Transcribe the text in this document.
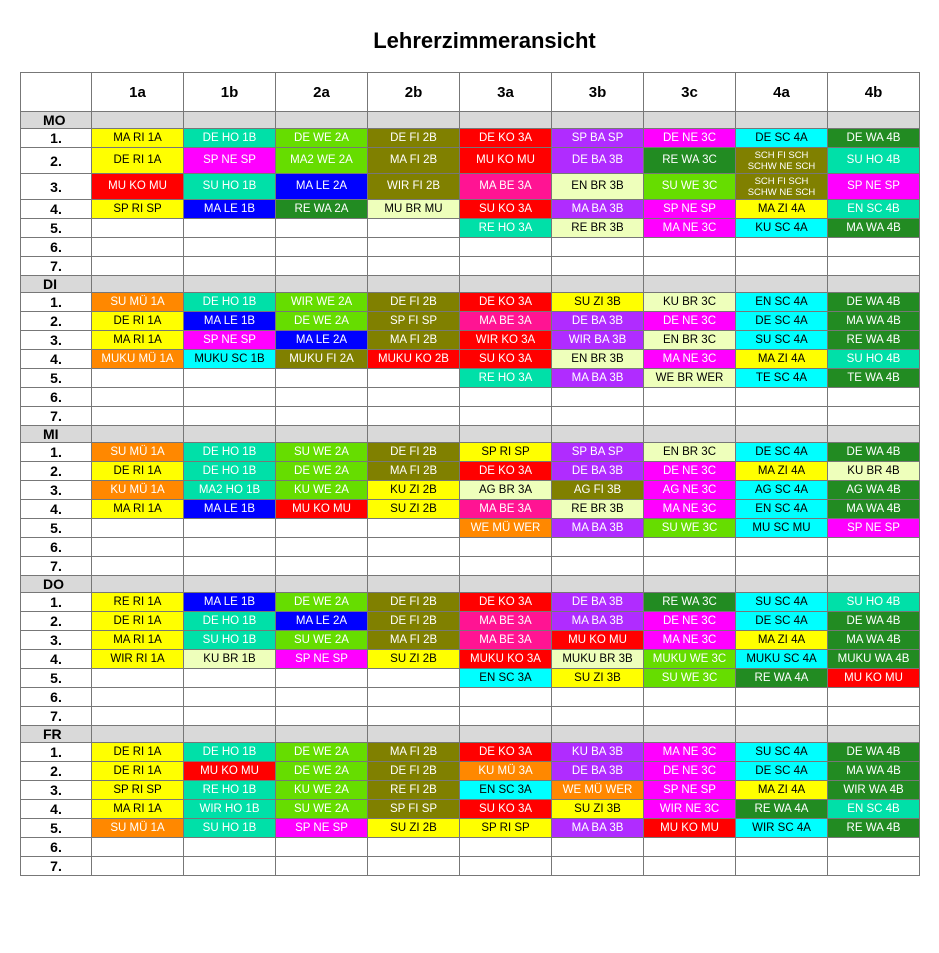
Lehrerzimmeransicht
	1a	1b	2a	2b	3a	3b	3c	4a	4b
MO									
1.	MA RI 1A	DE HO 1B	DE WE 2A	DE FI 2B	DE KO 3A	SP BA SP	DE NE 3C	DE SC 4A	DE WA 4B

2.	DE RI 1A	SP NE SP	MA2 WE 2A	MA FI 2B	MU KO MU	DE BA 3B	RE WA 3C	SCH FI SCH
SCHW NE SCH	SU HO 4B

3.	MU KO MU	SU HO 1B	MA LE 2A	WIR FI 2B	MA BE 3A	EN BR 3B	SU WE 3C	SCH FI SCH
SCHW NE SCH	SP NE SP

4.	SP RI SP	MA LE 1B	RE WA 2A	MU BR MU	SU KO 3A	MA BA 3B	SP NE SP	MA ZI 4A	EN SC 4B

5.					RE HO 3A	RE BR 3B	MA NE 3C	KU SC 4A	MA WA 4B

6.	

7.	

DI									
1.	SU MÜ 1A	DE HO 1B	WIR WE 2A	DE FI 2B	DE KO 3A	SU ZI 3B	KU BR 3C	EN SC 4A	DE WA 4B

2.	DE RI 1A	MA LE 1B	DE WE 2A	SP FI SP	MA BE 3A	DE BA 3B	DE NE 3C	DE SC 4A	MA WA 4B

3.	MA RI 1A	SP NE SP	MA LE 2A	MA FI 2B	WIR KO 3A	WIR BA 3B	EN BR 3C	SU SC 4A	RE WA 4B

4.	MUKU MÜ 1A	MUKU SC 1B	MUKU FI 2A	MUKU KO 2B	SU KO 3A	EN BR 3B	MA NE 3C	MA ZI 4A	SU HO 4B

5.					RE HO 3A	MA BA 3B	WE BR WER	TE SC 4A	TE WA 4B

6.	

7.	

MI									
1.	SU MÜ 1A	DE HO 1B	SU WE 2A	DE FI 2B	SP RI SP	SP BA SP	EN BR 3C	DE SC 4A	DE WA 4B

2.	DE RI 1A	DE HO 1B	DE WE 2A	MA FI 2B	DE KO 3A	DE BA 3B	DE NE 3C	MA ZI 4A	KU BR 4B

3.	KU MÜ 1A	MA2 HO 1B	KU WE 2A	KU ZI 2B	AG BR 3A	AG FI 3B	AG NE 3C	AG SC 4A	AG WA 4B

4.	MA RI 1A	MA LE 1B	MU KO MU	SU ZI 2B	MA BE 3A	RE BR 3B	MA NE 3C	EN SC 4A	MA WA 4B

5.					WE MÜ WER	MA BA 3B	SU WE 3C	MU SC MU	SP NE SP

6.	

7.	

DO									
1.	RE RI 1A	MA LE 1B	DE WE 2A	DE FI 2B	DE KO 3A	DE BA 3B	RE WA 3C	SU SC 4A	SU HO 4B

2.	DE RI 1A	DE HO 1B	MA LE 2A	DE FI 2B	MA BE 3A	MA BA 3B	DE NE 3C	DE SC 4A	DE WA 4B

3.	MA RI 1A	SU HO 1B	SU WE 2A	MA FI 2B	MA BE 3A	MU KO MU	MA NE 3C	MA ZI 4A	MA WA 4B

4.	WIR RI 1A	KU BR 1B	SP NE SP	SU ZI 2B	MUKU KO 3A	MUKU BR 3B	MUKU WE 3C	MUKU SC 4A	MUKU WA 4B

5.					EN SC 3A	SU ZI 3B	SU WE 3C	RE WA 4A	MU KO MU

6.	

7.	

FR									
1.	DE RI 1A	DE HO 1B	DE WE 2A	MA FI 2B	DE KO 3A	KU BA 3B	MA NE 3C	SU SC 4A	DE WA 4B

2.	DE RI 1A	MU KO MU	DE WE 2A	DE FI 2B	KU MÜ 3A	DE BA 3B	DE NE 3C	DE SC 4A	MA WA 4B

3.	SP RI SP	RE HO 1B	KU WE 2A	RE FI 2B	EN SC 3A	WE MÜ WER	SP NE SP	MA ZI 4A	WIR WA 4B

4.	MA RI 1A	WIR HO 1B	SU WE 2A	SP FI SP	SU KO 3A	SU ZI 3B	WIR NE 3C	RE WA 4A	EN SC 4B

5.	SU MÜ 1A	SU HO 1B	SP NE SP	SU ZI 2B	SP RI SP	MA BA 3B	MU KO MU	WIR SC 4A	RE WA 4B

6.	

7.	
